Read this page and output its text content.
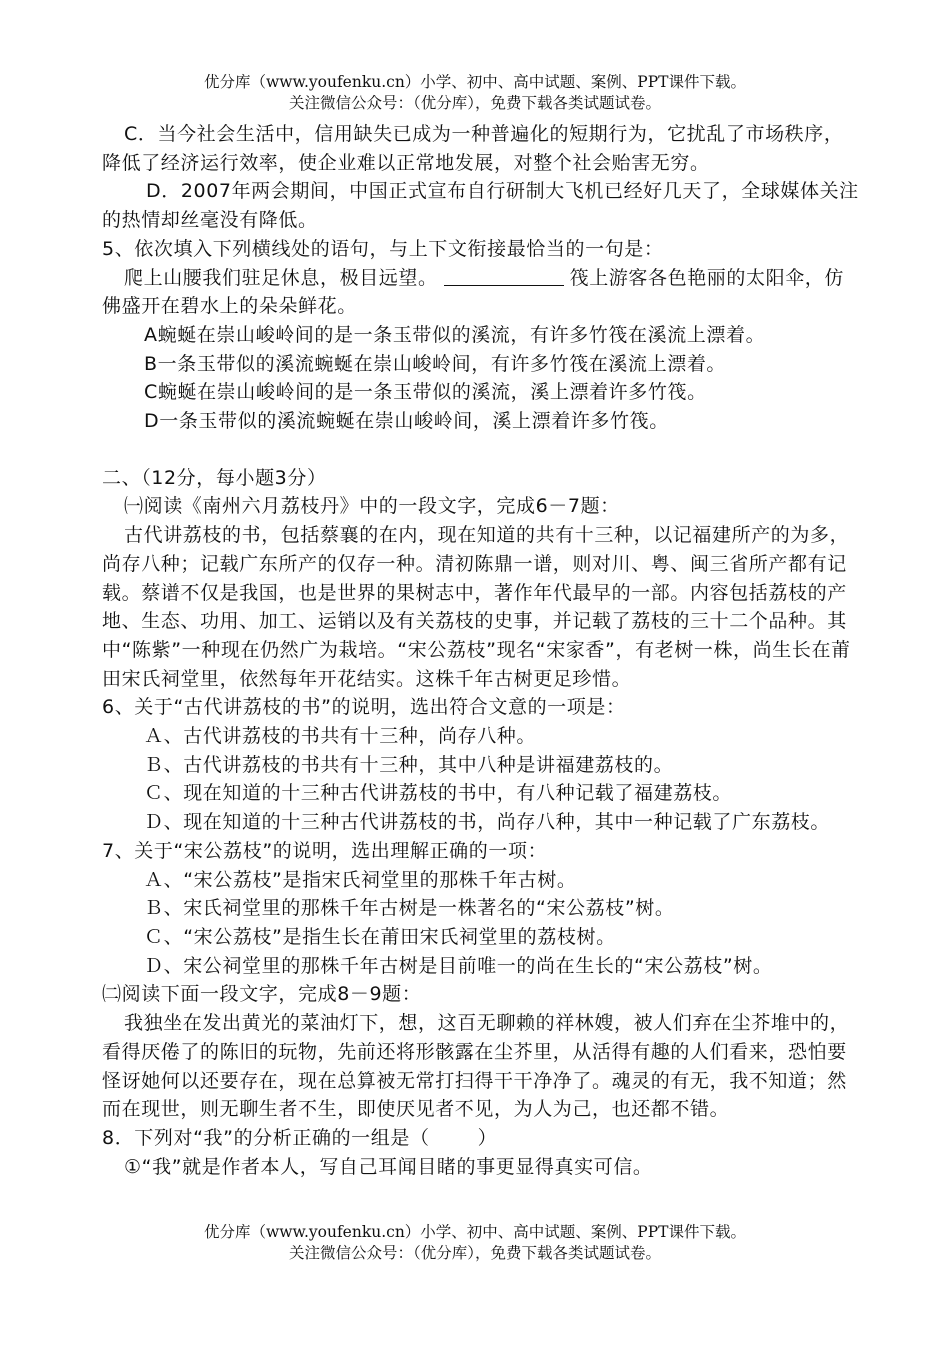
优分库（www.youfenku.cn）小学、初中、高中试题、案例、PPT课件下载。
关注微信公众号：（优分库），免费下载各类试题试卷。

C．当今社会生活中，信用缺失已成为一种普遍化的短期行为，它扰乱了市场秩序，降低了经济运行效率，使企业难以正常地发展，对整个社会贻害无穷。

D．2007年两会期间，中国正式宣布自行研制大飞机已经好几天了，全球媒体关注的热情却丝毫没有降低。

5、依次填入下列横线处的语句，与上下文衔接最恰当的一句是：

爬上山腰我们驻足休息，极目远望。	筏上游客各色艳丽的太阳伞，仿佛盛开在碧水上的朵朵鲜花。

A蜿蜒在崇山峻岭间的是一条玉带似的溪流，有许多竹筏在溪流上漂着。

B一条玉带似的溪流蜿蜒在崇山峻岭间，有许多竹筏在溪流上漂着。

C蜿蜒在崇山峻岭间的是一条玉带似的溪流，溪上漂着许多竹筏。

D一条玉带似的溪流蜿蜒在崇山峻岭间，溪上漂着许多竹筏。

二、（12分，每小题3分）

㈠阅读《南州六月荔枝丹》中的一段文字，完成6－7题：

古代讲荔枝的书，包括蔡襄的在内，现在知道的共有十三种，以记福建所产的为多，尚存八种；记载广东所产的仅存一种。清初陈鼎一谱，则对川、粤、闽三省所产都有记载。蔡谱不仅是我国，也是世界的果树志中，著作年代最早的一部。内容包括荔枝的产地、生态、功用、加工、运销以及有关荔枝的史事，并记载了荔枝的三十二个品种。其中“陈紫”一种现在仍然广为栽培。“宋公荔枝”现名“宋家香”，有老树一株，尚生长在莆田宋氏祠堂里，依然每年开花结实。这株千年古树更足珍惜。

6、关于“古代讲荔枝的书”的说明，选出符合文意的一项是：

Ａ、古代讲荔枝的书共有十三种，尚存八种。

Ｂ、古代讲荔枝的书共有十三种，其中八种是讲福建荔枝的。

Ｃ、现在知道的十三种古代讲荔枝的书中，有八种记载了福建荔枝。

Ｄ、现在知道的十三种古代讲荔枝的书，尚存八种，其中一种记载了广东荔枝。

7、关于“宋公荔枝”的说明，选出理解正确的一项：

Ａ、“宋公荔枝”是指宋氏祠堂里的那株千年古树。

Ｂ、宋氏祠堂里的那株千年古树是一株著名的“宋公荔枝”树。

Ｃ、“宋公荔枝”是指生长在莆田宋氏祠堂里的荔枝树。

Ｄ、宋公祠堂里的那株千年古树是目前唯一的尚在生长的“宋公荔枝”树。

㈡阅读下面一段文字，完成8－9题：

我独坐在发出黄光的菜油灯下，想，这百无聊赖的祥林嫂，被人们弃在尘芥堆中的，看得厌倦了的陈旧的玩物，先前还将形骸露在尘芥里，从活得有趣的人们看来，恐怕要怪讶她何以还要存在，现在总算被无常打扫得干干净净了。魂灵的有无，我不知道；然而在现世，则无聊生者不生，即使厌见者不见，为人为己，也还都不错。

8．下列对“我”的分析正确的一组是（	）

①“我”就是作者本人，写自己耳闻目睹的事更显得真实可信。

优分库（www.youfenku.cn）小学、初中、高中试题、案例、PPT课件下载。
关注微信公众号：（优分库），免费下载各类试题试卷。
